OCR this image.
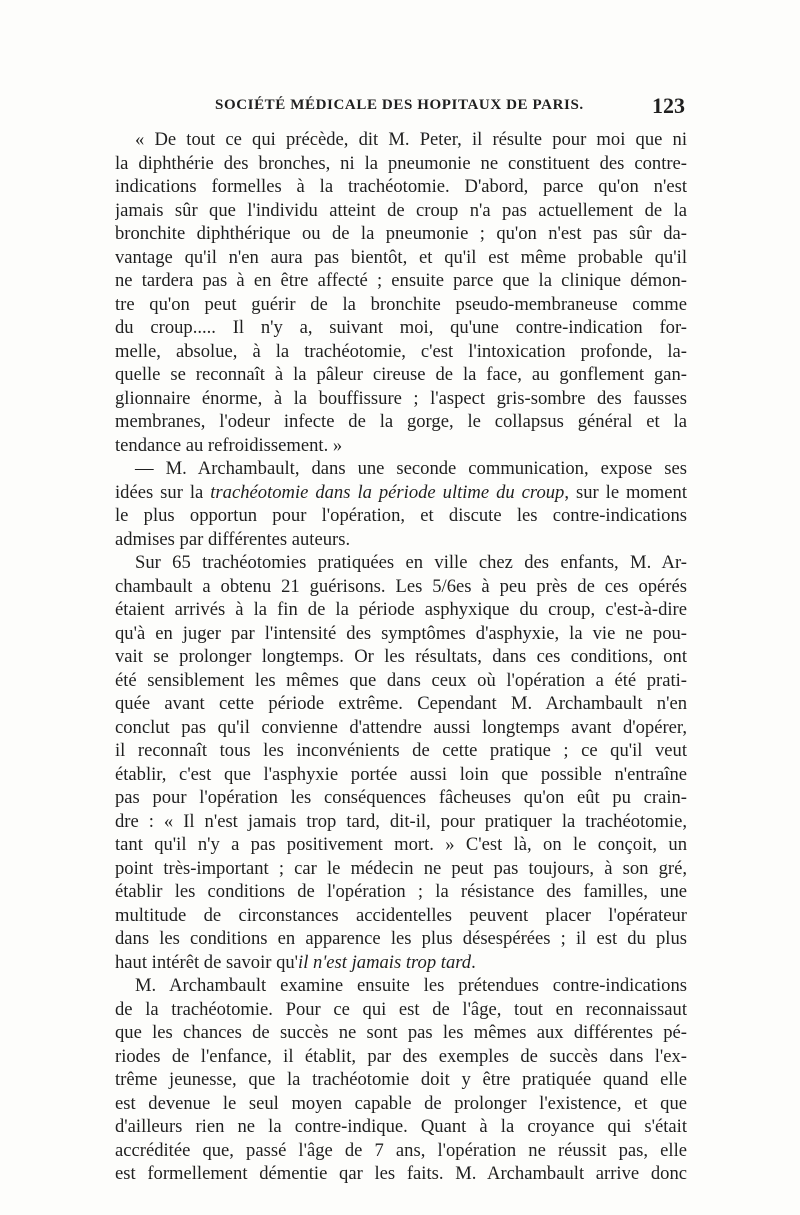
SOCIÉTÉ MÉDICALE DES HOPITAUX DE PARIS.	123
« De tout ce qui précède, dit M. Peter, il résulte pour moi que ni
la diphthérie des bronches, ni la pneumonie ne constituent des contre-
indications formelles à la trachéotomie. D'abord, parce qu'on n'est
jamais sûr que l'individu atteint de croup n'a pas actuellement de la
bronchite diphthérique ou de la pneumonie ; qu'on n'est pas sûr da-
vantage qu'il n'en aura pas bientôt, et qu'il est même probable qu'il
ne tardera pas à en être affecté ; ensuite parce que la clinique démon-
tre qu'on peut guérir de la bronchite pseudo-membraneuse comme
du croup..... Il n'y a, suivant moi, qu'une contre-indication for-
melle, absolue, à la trachéotomie, c'est l'intoxication profonde, la-
quelle se reconnaît à la pâleur cireuse de la face, au gonflement gan-
glionnaire énorme, à la bouffissure ; l'aspect gris-sombre des fausses
membranes, l'odeur infecte de la gorge, le collapsus général et la
tendance au refroidissement. »
— M. Archambault, dans une seconde communication, expose ses
idées sur la trachéotomie dans la période ultime du croup, sur le moment
le plus opportun pour l'opération, et discute les contre-indications
admises par différentes auteurs.
Sur 65 trachéotomies pratiquées en ville chez des enfants, M. Ar-
chambault a obtenu 21 guérisons. Les 5/6es à peu près de ces opérés
étaient arrivés à la fin de la période asphyxique du croup, c'est-à-dire
qu'à en juger par l'intensité des symptômes d'asphyxie, la vie ne pou-
vait se prolonger longtemps. Or les résultats, dans ces conditions, ont
été sensiblement les mêmes que dans ceux où l'opération a été prati-
quée avant cette période extrême. Cependant M. Archambault n'en
conclut pas qu'il convienne d'attendre aussi longtemps avant d'opérer,
il reconnaît tous les inconvénients de cette pratique ; ce qu'il veut
établir, c'est que l'asphyxie portée aussi loin que possible n'entraîne
pas pour l'opération les conséquences fâcheuses qu'on eût pu crain-
dre : « Il n'est jamais trop tard, dit-il, pour pratiquer la trachéotomie,
tant qu'il n'y a pas positivement mort. » C'est là, on le conçoit, un
point très-important ; car le médecin ne peut pas toujours, à son gré,
établir les conditions de l'opération ; la résistance des familles, une
multitude de circonstances accidentelles peuvent placer l'opérateur
dans les conditions en apparence les plus désespérées ; il est du plus
haut intérêt de savoir qu'il n'est jamais trop tard.
M. Archambault examine ensuite les prétendues contre-indications
de la trachéotomie. Pour ce qui est de l'âge, tout en reconnaissaut
que les chances de succès ne sont pas les mêmes aux différentes pé-
riodes de l'enfance, il établit, par des exemples de succès dans l'ex-
trême jeunesse, que la trachéotomie doit y être pratiquée quand elle
est devenue le seul moyen capable de prolonger l'existence, et que
d'ailleurs rien ne la contre-indique. Quant à la croyance qui s'était
accréditée que, passé l'âge de 7 ans, l'opération ne réussit pas, elle
est formellement démentie qar les faits. M. Archambault arrive donc
